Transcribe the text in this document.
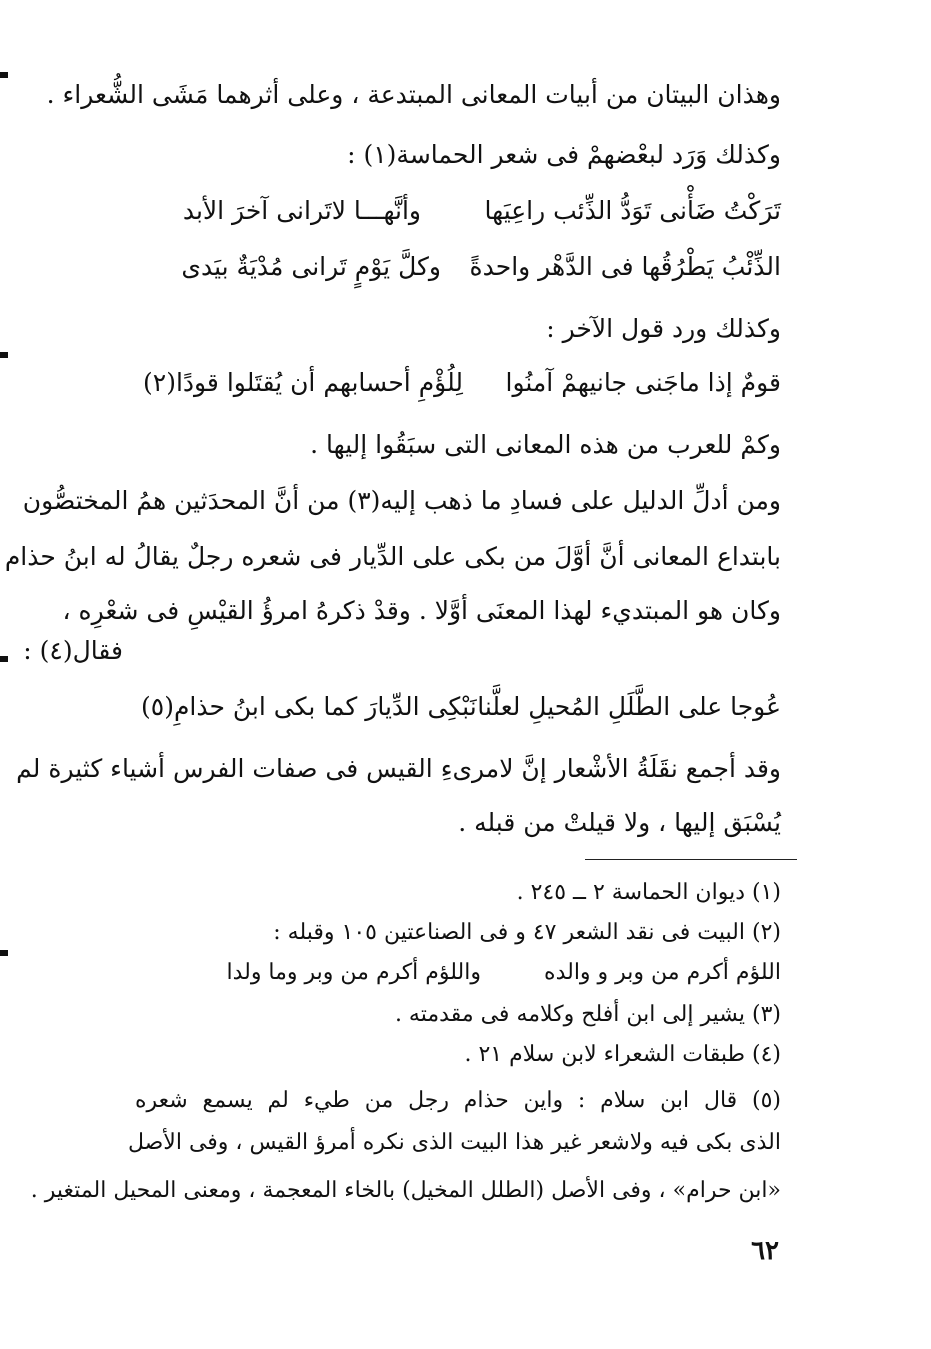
وهذان البيتان من أبيات المعانى المبتدعة ، وعلى أثرهما مَشَى الشُّعراء .
وكذلك وَرَد لبعْضهمْ فى شعر الحماسة(١) :
تَرَكْتُ ضَأْنى تَوَدُّ الذِّئب راعِيَها
وأنَّهـــا لاتَرانى آخرَ الأبد
الذِّئْبُ يَطْرُقُها فى الدَّهْر واحدةً
وكلَّ يَوْمٍ تَرانى مُدْيَةٌ بيَدى
وكذلك ورد قول الآخر :
قومٌ إذا ماجَنى جانيهمْ آمنُوا
لِلُؤْمِ أحسابهم أن يُقتَلوا قودًا(٢)
وكمْ للعرب من هذه المعانى التى سبَقُوا إليها .
ومن أدلِّ الدليل على فسادِ ما ذهب إليه(٣) من أنَّ المحدَثين همُ المختصُّون
بابتداع المعانى أنَّ أوَّلَ من بكى على الدِّيار فى شعره رجلٌ يقالُ له ابنُ حذام
وكان هو المبتديء لهذا المعنَى أوَّلا . وقدْ ذكرهُ امرؤُ القيْسِ فى شعْرِه ،
فقال(٤) :
عُوجا على الطَّلَلِ المُحيلِ لعلَّنا
نَبْكِى الدِّيارَ كما بكى ابنُ حذامِ(٥)
وقد أجمع نقَلَةُ الأشْعار إنَّ لامرىءِ القيس فى صفات الفرس أشياء كثيرة لم
يُسْبَق إليها ، ولا قيلتْ من قبله .
(١) ديوان الحماسة ٢ ــ ٢٤٥ .
(٢) البيت فى نقد الشعر ٤٧ و فى الصناعتين ١٠٥ وقبله :
اللؤم أكرم من وبر و والده
واللؤم أكرم من وبر وما ولدا
(٣) يشير إلى ابن أفلح وكلامه فى مقدمته .
(٤) طبقات الشعراء لابن سلام ٢١ .
(٥) قال ابن سلام : واين حذام رجل من طيء لم يسمع شعره
الذى بكى فيه ولاشعر غير هذا البيت الذى نكره أمرؤ القيس ، وفى الأصل
«ابن حرام» ، وفى الأصل (الطلل المخيل) بالخاء المعجمة ، ومعنى المحيل المتغير .
٦٢
